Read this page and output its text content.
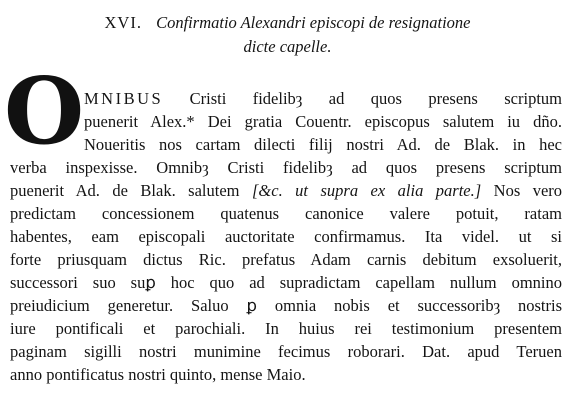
XVI. Confirmatio Alexandri episcopi de resignatione
dicte capelle.
O MNIBUS Cristi fidelibȝ ad quos presens scriptum
puenerit Alex.* Dei gratia Couentr. episcopus salutem iu dño.
Noueritis nos cartam dilecti filij nostri Ad. de Blak. in hec
verba inspexisse. Omnibȝ Cristi fidelibȝ ad quos presens scriptum
puenerit Ad. de Blak. salutem [&c. ut supra ex alia parte.] Nos vero
predictam concessionem quatenus canonice valere potuit, ratam
habentes, eam episcopali auctoritate confirmamus. Ita videl. ut si
forte priusquam dictus Ric. prefatus Adam carnis debitum exsoluerit,
successori suo suꝑ hoc quo ad supradictam capellam nullum omnino
preiudicium generetur. Saluo ꝑ omnia nobis et successoribȝ nostris
iure pontificali et parochiali. In huius rei testimonium presentem
paginam sigilli nostri munimine fecimus roborari. Dat. apud Teruen
anno pontificatus nostri quinto, mense Maio.
